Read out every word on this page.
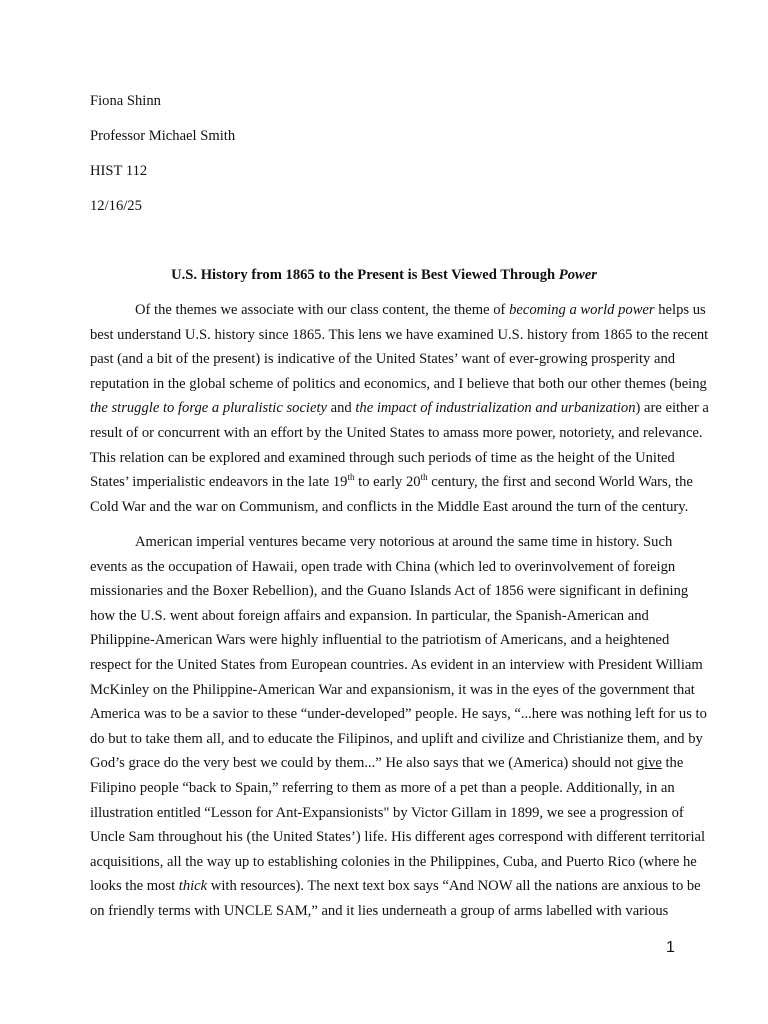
Fiona Shinn
Professor Michael Smith
HIST 112
12/16/25
U.S. History from 1865 to the Present is Best Viewed Through Power
Of the themes we associate with our class content, the theme of becoming a world power helps us
best understand U.S. history since 1865. This lens we have examined U.S. history from 1865 to the recent
past (and a bit of the present) is indicative of the United States’ want of ever-growing prosperity and
reputation in the global scheme of politics and economics, and I believe that both our other themes (being
the struggle to forge a pluralistic society and the impact of industrialization and urbanization) are either a
result of or concurrent with an effort by the United States to amass more power, notoriety, and relevance.
This relation can be explored and examined through such periods of time as the height of the United
States’ imperialistic endeavors in the late 19th to early 20th century, the first and second World Wars, the
Cold War and the war on Communism, and conflicts in the Middle East around the turn of the century.
American imperial ventures became very notorious at around the same time in history. Such
events as the occupation of Hawaii, open trade with China (which led to overinvolvement of foreign
missionaries and the Boxer Rebellion), and the Guano Islands Act of 1856 were significant in defining
how the U.S. went about foreign affairs and expansion. In particular, the Spanish-American and
Philippine-American Wars were highly influential to the patriotism of Americans, and a heightened
respect for the United States from European countries. As evident in an interview with President William
McKinley on the Philippine-American War and expansionism, it was in the eyes of the government that
America was to be a savior to these “under-developed” people. He says, “...here was nothing left for us to
do but to take them all, and to educate the Filipinos, and uplift and civilize and Christianize them, and by
God’s grace do the very best we could by them...” He also says that we (America) should not give the
Filipino people “back to Spain,” referring to them as more of a pet than a people. Additionally, in an
illustration entitled “Lesson for Ant-Expansionists" by Victor Gillam in 1899, we see a progression of
Uncle Sam throughout his (the United States’) life. His different ages correspond with different territorial
acquisitions, all the way up to establishing colonies in the Philippines, Cuba, and Puerto Rico (where he
looks the most thick with resources). The next text box says “And NOW all the nations are anxious to be
on friendly terms with UNCLE SAM,” and it lies underneath a group of arms labelled with various
1
